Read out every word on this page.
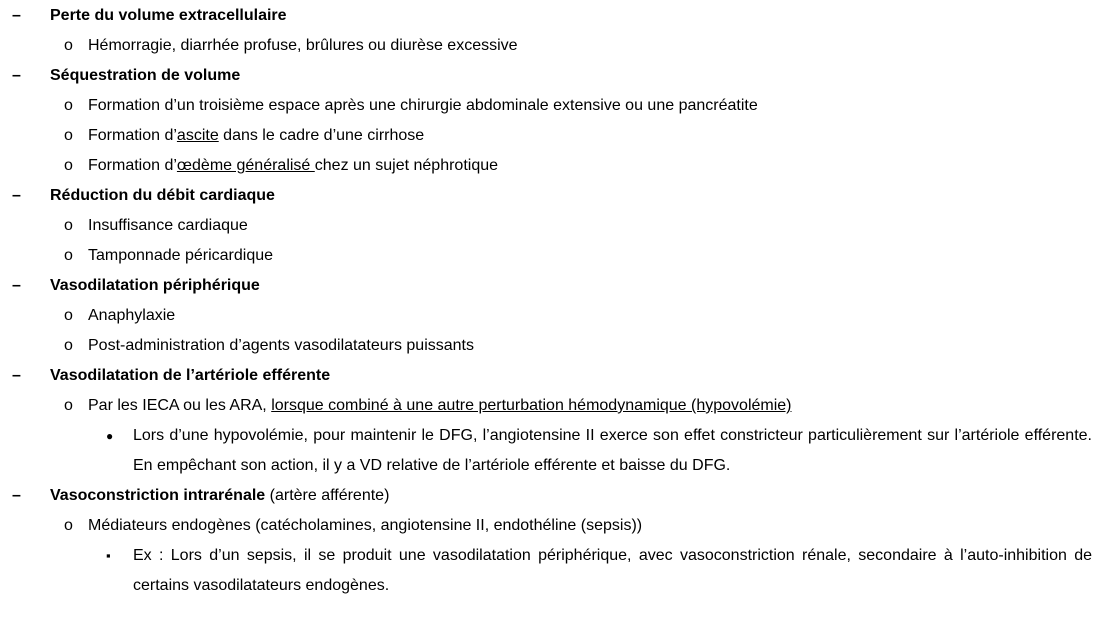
– Perte du volume extracellulaire
o Hémorragie, diarrhée profuse, brûlures ou diurèse excessive
– Séquestration de volume
o Formation d’un troisième espace après une chirurgie abdominale extensive ou une pancréatite
o Formation d’ascite dans le cadre d’une cirrhose
o Formation d’œdème généralisé chez un sujet néphrotique
– Réduction du débit cardiaque
o Insuffisance cardiaque
o Tamponnade péricardique
– Vasodilatation périphérique
o Anaphylaxie
o Post-administration d’agents vasodilatateurs puissants
– Vasodilatation de l’artériole efférente
o Par les IECA ou les ARA, lorsque combiné à une autre perturbation hémodynamique (hypovolémie)
● Lors d’une hypovolémie, pour maintenir le DFG, l’angiotensine II exerce son effet constricteur particulièrement sur l’artériole efférente. En empêchant son action, il y a VD relative de l’artériole efférente et baisse du DFG.
– Vasoconstriction intrarénale (artère afférente)
o Médiateurs endogènes (catécholamines, angiotensine II, endothéline (sepsis))
▪ Ex : Lors d’un sepsis, il se produit une vasodilatation périphérique, avec vasoconstriction rénale, secondaire à l’auto-inhibition de certains vasodilatateurs endogènes.
